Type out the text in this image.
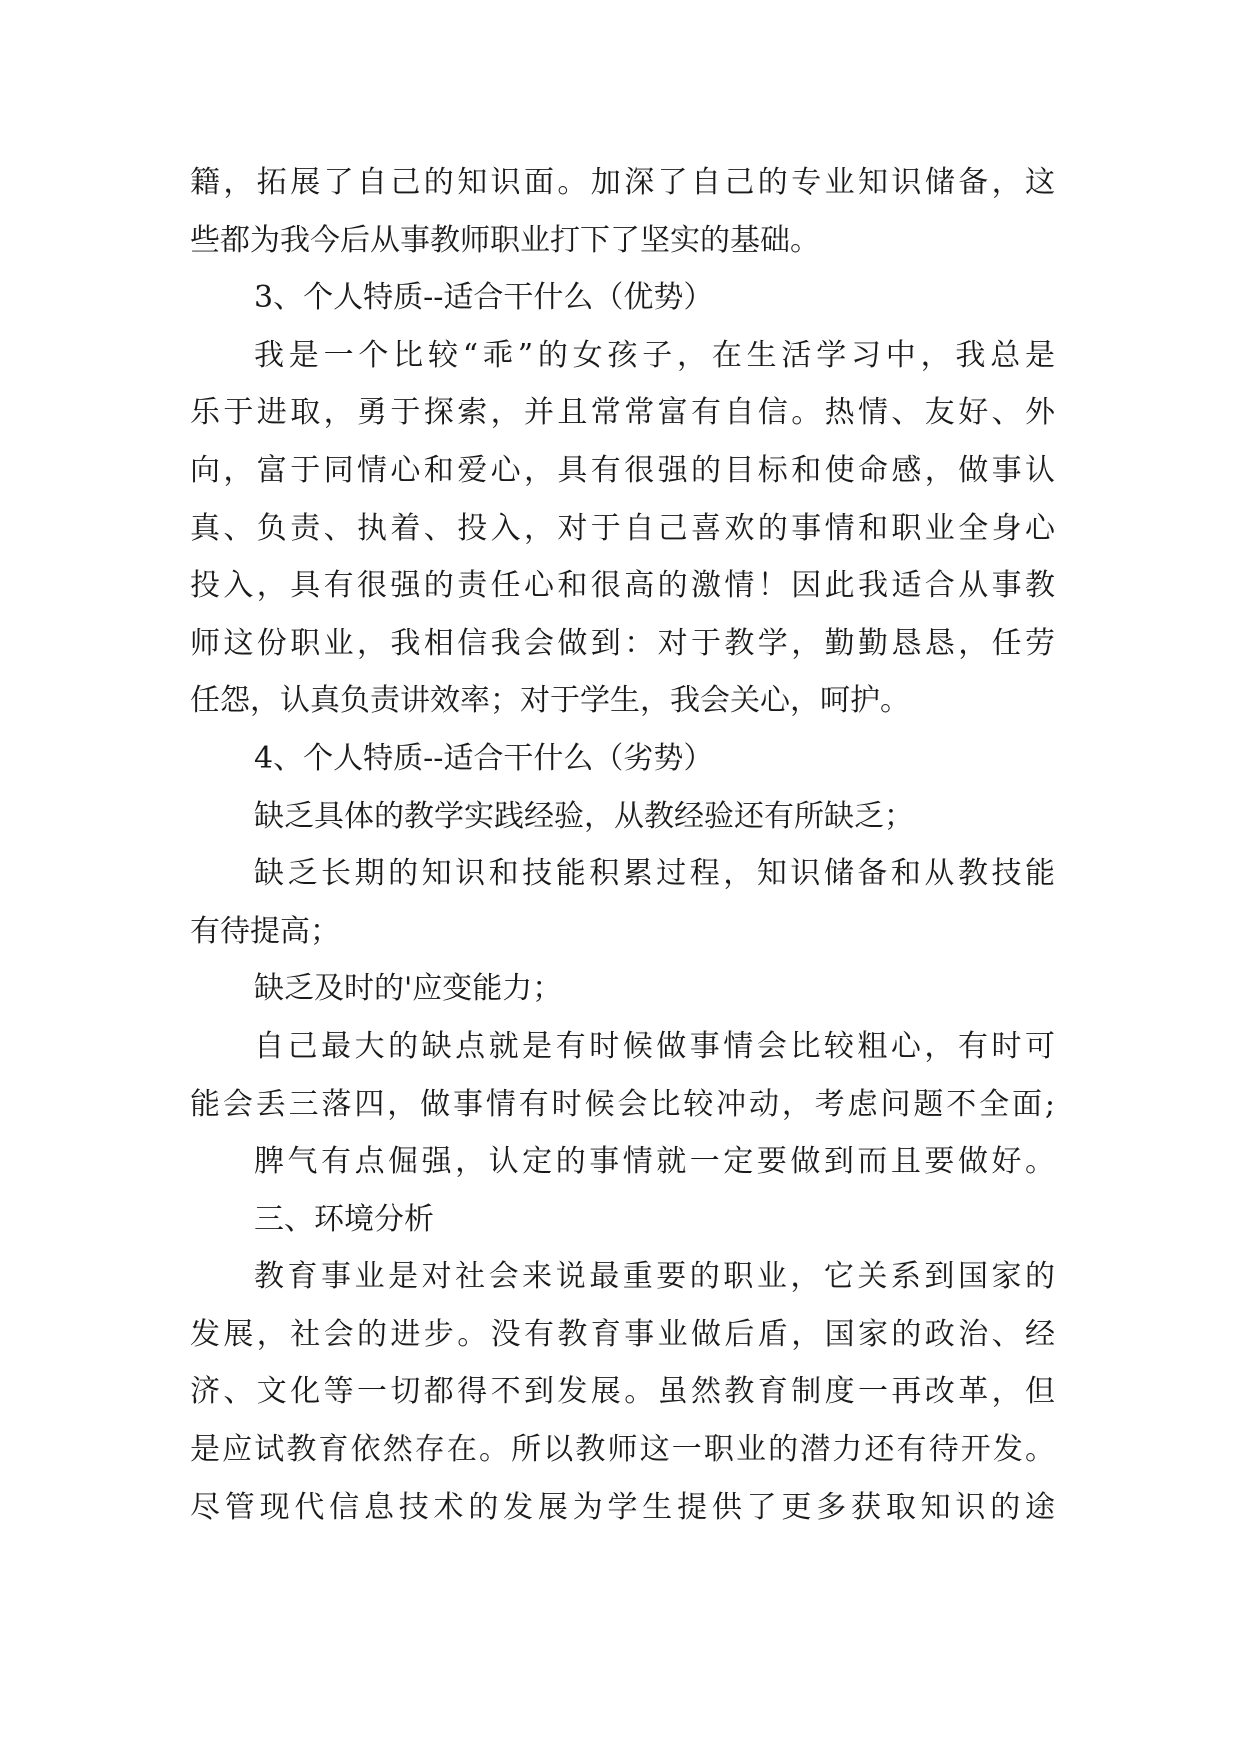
籍，拓展了自己的知识面。加深了自己的专业知识储备，这
些都为我今后从事教师职业打下了坚实的基础。
3、个人特质--适合干什么（优势）
我是一个比较“乖”的女孩子，在生活学习中，我总是
乐于进取，勇于探索，并且常常富有自信。热情、友好、外
向，富于同情心和爱心，具有很强的目标和使命感，做事认
真、负责、执着、投入，对于自己喜欢的事情和职业全身心
投入，具有很强的责任心和很高的激情！因此我适合从事教
师这份职业，我相信我会做到：对于教学，勤勤恳恳，任劳
任怨，认真负责讲效率；对于学生，我会关心，呵护。
4、个人特质--适合干什么（劣势）
缺乏具体的教学实践经验，从教经验还有所缺乏；
缺乏长期的知识和技能积累过程，知识储备和从教技能
有待提高；
缺乏及时的'应变能力；
自己最大的缺点就是有时候做事情会比较粗心，有时可
能会丢三落四，做事情有时候会比较冲动，考虑问题不全面;
脾气有点倔强，认定的事情就一定要做到而且要做好。
三、环境分析
教育事业是对社会来说最重要的职业，它关系到国家的
发展，社会的进步。没有教育事业做后盾，国家的政治、经
济、文化等一切都得不到发展。虽然教育制度一再改革，但
是应试教育依然存在。所以教师这一职业的潜力还有待开发。
尽管现代信息技术的发展为学生提供了更多获取知识的途
